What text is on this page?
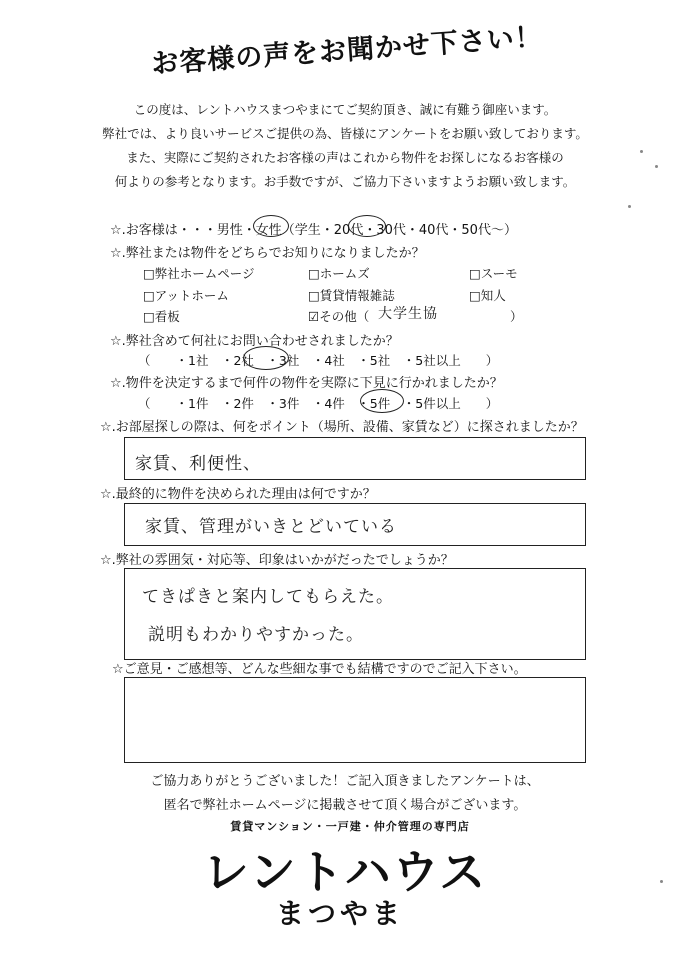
お客様の声をお聞かせ下さい！
この度は、レントハウスまつやまにてご契約頂き、誠に有難う御座います。
弊社では、より良いサービスご提供の為、皆様にアンケートをお願い致しております。
また、実際にご契約されたお客様の声はこれから物件をお探しになるお客様の
何よりの参考となります。お手数ですが、ご協力下さいますようお願い致します。
☆.お客様は・・・男性・女性（学生・20代・30代・40代・50代～）
☆.弊社または物件をどちらでお知りになりましたか？
□弊社ホームページ	□ホームズ	□スーモ
□アットホーム	□賃貸情報雑誌	□知人
□看板	☑その他（ 大学生協	）
☆.弊社含めて何社にお問い合わせされましたか？
（　　・1社　・2社　・3社　・4社　・5社　・5社以上　　）
☆.物件を決定するまで何件の物件を実際に下見に行かれましたか？
（　　・1件　・2件　・3件　・4件　・5件　・5件以上　　）
☆.お部屋探しの際は、何をポイント（場所、設備、家賃など）に探されましたか？
家賃、利便性、
☆.最終的に物件を決められた理由は何ですか？
家賃、管理がいきとどいている
☆.弊社の雰囲気・対応等、印象はいかがだったでしょうか？
てきぱきと案内してもらえた。
説明もわかりやすかった。
☆ご意見・ご感想等、どんな些細な事でも結構ですのでご記入下さい。
ご協力ありがとうございました！ご記入頂きましたアンケートは、
匿名で弊社ホームページに掲載させて頂く場合がございます。
賃貸マンション・一戸建・仲介管理の専門店
レントハウス
まつやま
